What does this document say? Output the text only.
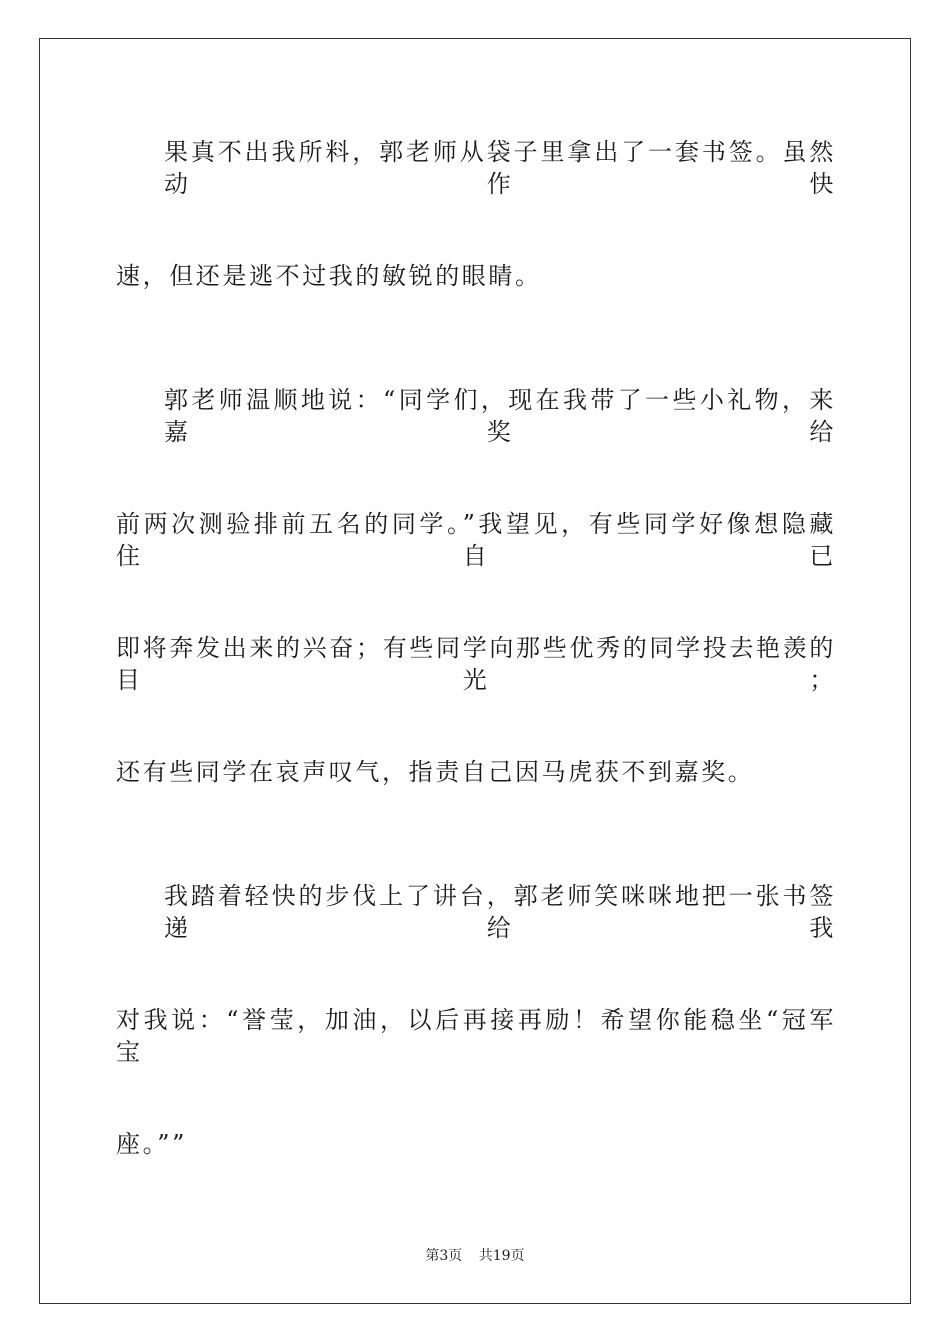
果真不出我所料，郭老师从袋子里拿出了一套书签。虽然动作快
速，但还是逃不过我的敏锐的眼睛。
郭老师温顺地说：“同学们，现在我带了一些小礼物，来嘉奖给
前两次测验排前五名的同学。”我望见，有些同学好像想隐藏住自已
即将奔发出来的兴奋；有些同学向那些优秀的同学投去艳羡的目光；
还有些同学在哀声叹气，指责自己因马虎获不到嘉奖。
我踏着轻快的步伐上了讲台，郭老师笑咪咪地把一张书签递给我
对我说：“誉莹，加油，以后再接再励！希望你能稳坐“冠军宝
座。””
第3页 共19页
